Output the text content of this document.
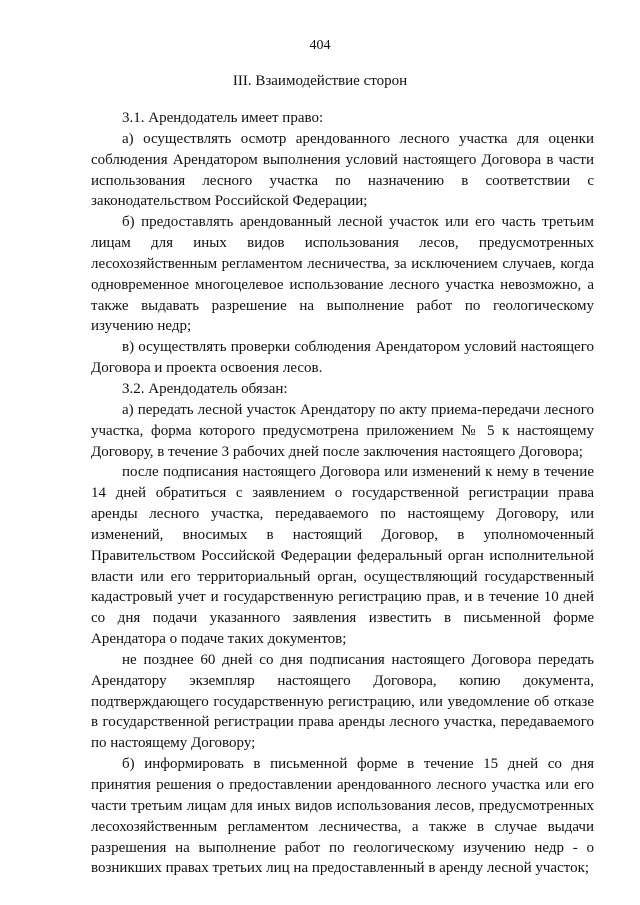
404
III. Взаимодействие сторон

3.1. Арендодатель имеет право:

а) осуществлять осмотр арендованного лесного участка для оценки соблюдения Арендатором выполнения условий настоящего Договора в части использования лесного участка по назначению в соответствии с законодательством Российской Федерации;

б) предоставлять арендованный лесной участок или его часть третьим лицам для иных видов использования лесов, предусмотренных лесохозяйственным регламентом лесничества, за исключением случаев, когда одновременное многоцелевое использование лесного участка невозможно, а также выдавать разрешение на выполнение работ по геологическому изучению недр;

в) осуществлять проверки соблюдения Арендатором условий настоящего Договора и проекта освоения лесов.

3.2. Арендодатель обязан:

а) передать лесной участок Арендатору по акту приема-передачи лесного участка, форма которого предусмотрена приложением № 5 к настоящему Договору, в течение 3 рабочих дней после заключения настоящего Договора;

после подписания настоящего Договора или изменений к нему в течение 14 дней обратиться с заявлением о государственной регистрации права аренды лесного участка, передаваемого по настоящему Договору, или изменений, вносимых в настоящий Договор, в уполномоченный Правительством Российской Федерации федеральный орган исполнительной власти или его территориальный орган, осуществляющий государственный кадастровый учет и государственную регистрацию прав, и в течение 10 дней со дня подачи указанного заявления известить в письменной форме Арендатора о подаче таких документов;

не позднее 60 дней со дня подписания настоящего Договора передать Арендатору экземпляр настоящего Договора, копию документа, подтверждающего государственную регистрацию, или уведомление об отказе в государственной регистрации права аренды лесного участка, передаваемого по настоящему Договору;

б) информировать в письменной форме в течение 15 дней со дня принятия решения о предоставлении арендованного лесного участка или его части третьим лицам для иных видов использования лесов, предусмотренных лесохозяйственным регламентом лесничества, а также в случае выдачи разрешения на выполнение работ по геологическому изучению недр - о возникших правах третьих лиц на предоставленный в аренду лесной участок;
